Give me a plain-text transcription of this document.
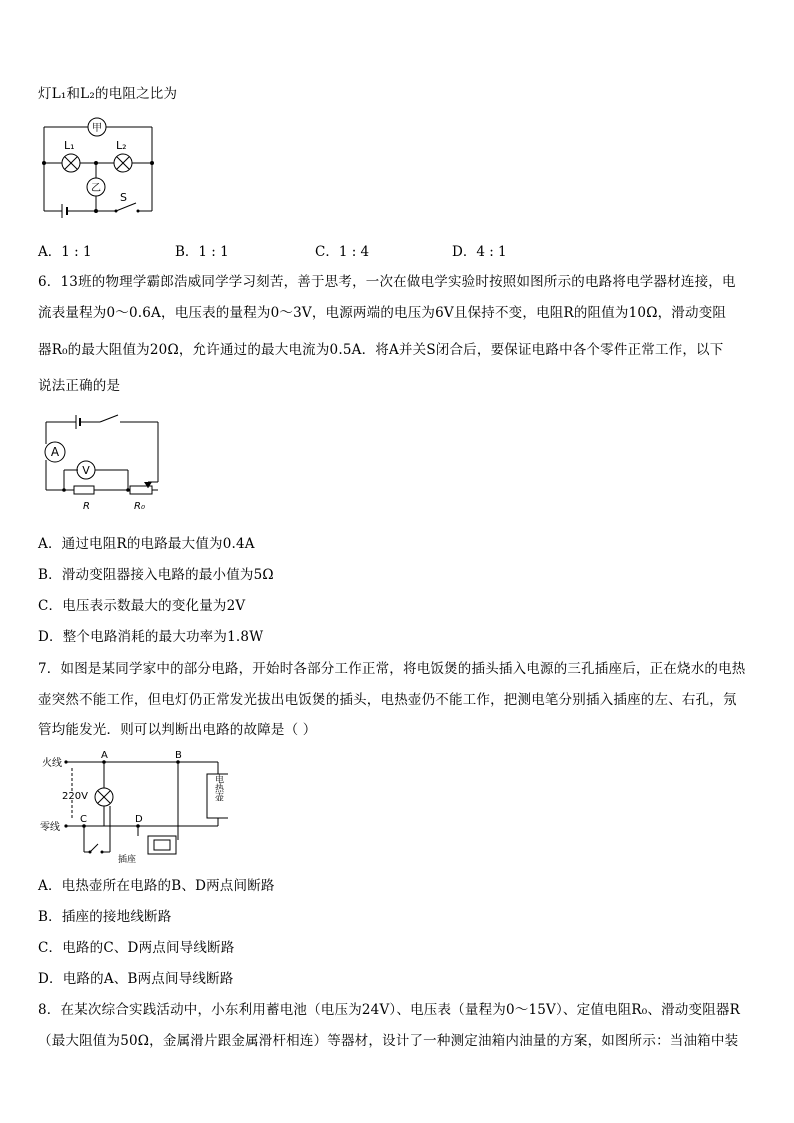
灯L₁和L₂的电阻之比为
甲
乙
L₁	L₂
S
A．1 : 1	B．1 : 1	C．1 : 4	D．4 : 1
6．13班的物理学霸郎浩威同学学习刻苦，善于思考，一次在做电学实验时按照如图所示的电路将电学器材连接，电
流表量程为0～0.6A，电压表的量程为0～3V，电源两端的电压为6V且保持不变，电阻R的阻值为10Ω，滑动变阻
器R₀的最大阻值为20Ω，允许通过的最大电流为0.5A．将A并关S闭合后，要保证电路中各个零件正常工作，以下
说法正确的是
A
V
R	R₀
A．通过电阻R的电路最大值为0.4A
B．滑动变阻器接入电路的最小值为5Ω
C．电压表示数最大的变化量为2V
D．整个电路消耗的最大功率为1.8W
7．如图是某同学家中的部分电路，开始时各部分工作正常，将电饭煲的插头插入电源的三孔插座后，正在烧水的电热
壶突然不能工作，但电灯仍正常发光拔出电饭煲的插头，电热壶仍不能工作，把测电笔分别插入插座的左、右孔，氖
管均能发光．则可以判断出电路的故障是（ ）
火线
零线
220V
A	B
C	D
电热壶
插座
A．电热壶所在电路的B、D两点间断路
B．插座的接地线断路
C．电路的C、D两点间导线断路
D．电路的A、B两点间导线断路
8．在某次综合实践活动中，小东利用蓄电池（电压为24V）、电压表（量程为0～15V）、定值电阻R₀、滑动变阻器R
（最大阻值为50Ω，金属滑片跟金属滑杆相连）等器材，设计了一种测定油箱内油量的方案，如图所示：当油箱中装
